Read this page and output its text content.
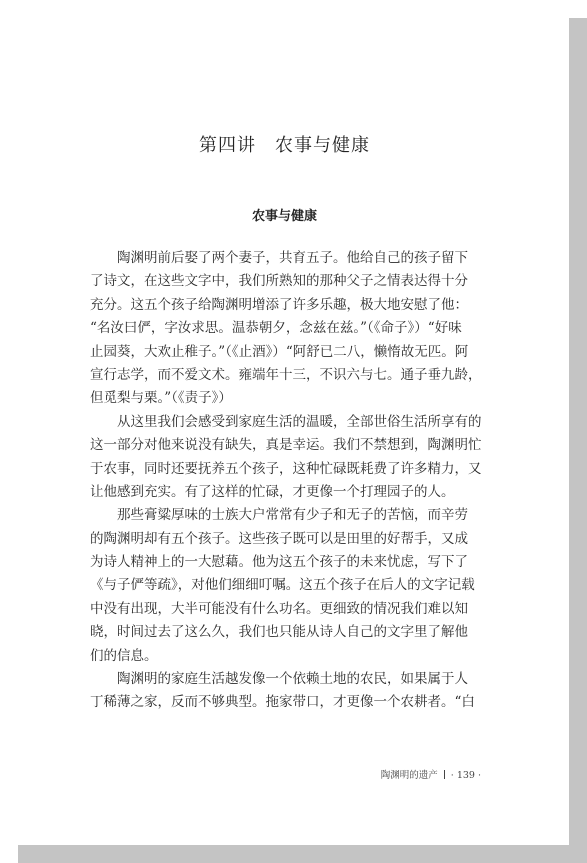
第四讲　农事与健康
农事与健康
陶渊明前后娶了两个妻子，共育五子。他给自己的孩子留下
了诗文，在这些文字中，我们所熟知的那种父子之情表达得十分
充分。这五个孩子给陶渊明增添了许多乐趣，极大地安慰了他：
“名汝曰俨，字汝求思。温恭朝夕，念兹在兹。”（《命子》）“好味
止园葵，大欢止稚子。”（《止酒》）“阿舒已二八，懒惰故无匹。阿
宣行志学，而不爱文术。雍端年十三，不识六与七。通子垂九龄，
但觅梨与栗。”（《责子》）
从这里我们会感受到家庭生活的温暖，全部世俗生活所享有的
这一部分对他来说没有缺失，真是幸运。我们不禁想到，陶渊明忙
于农事，同时还要抚养五个孩子，这种忙碌既耗费了许多精力，又
让他感到充实。有了这样的忙碌，才更像一个打理园子的人。
那些膏粱厚味的士族大户常常有少子和无子的苦恼，而辛劳
的陶渊明却有五个孩子。这些孩子既可以是田里的好帮手，又成
为诗人精神上的一大慰藉。他为这五个孩子的未来忧虑，写下了
《与子俨等疏》，对他们细细叮嘱。这五个孩子在后人的文字记载
中没有出现，大半可能没有什么功名。更细致的情况我们难以知
晓，时间过去了这么久，我们也只能从诗人自己的文字里了解他
们的信息。
陶渊明的家庭生活越发像一个依赖土地的农民，如果属于人
丁稀薄之家，反而不够典型。拖家带口，才更像一个农耕者。“白
陶渊明的遗产 · 139 ·
